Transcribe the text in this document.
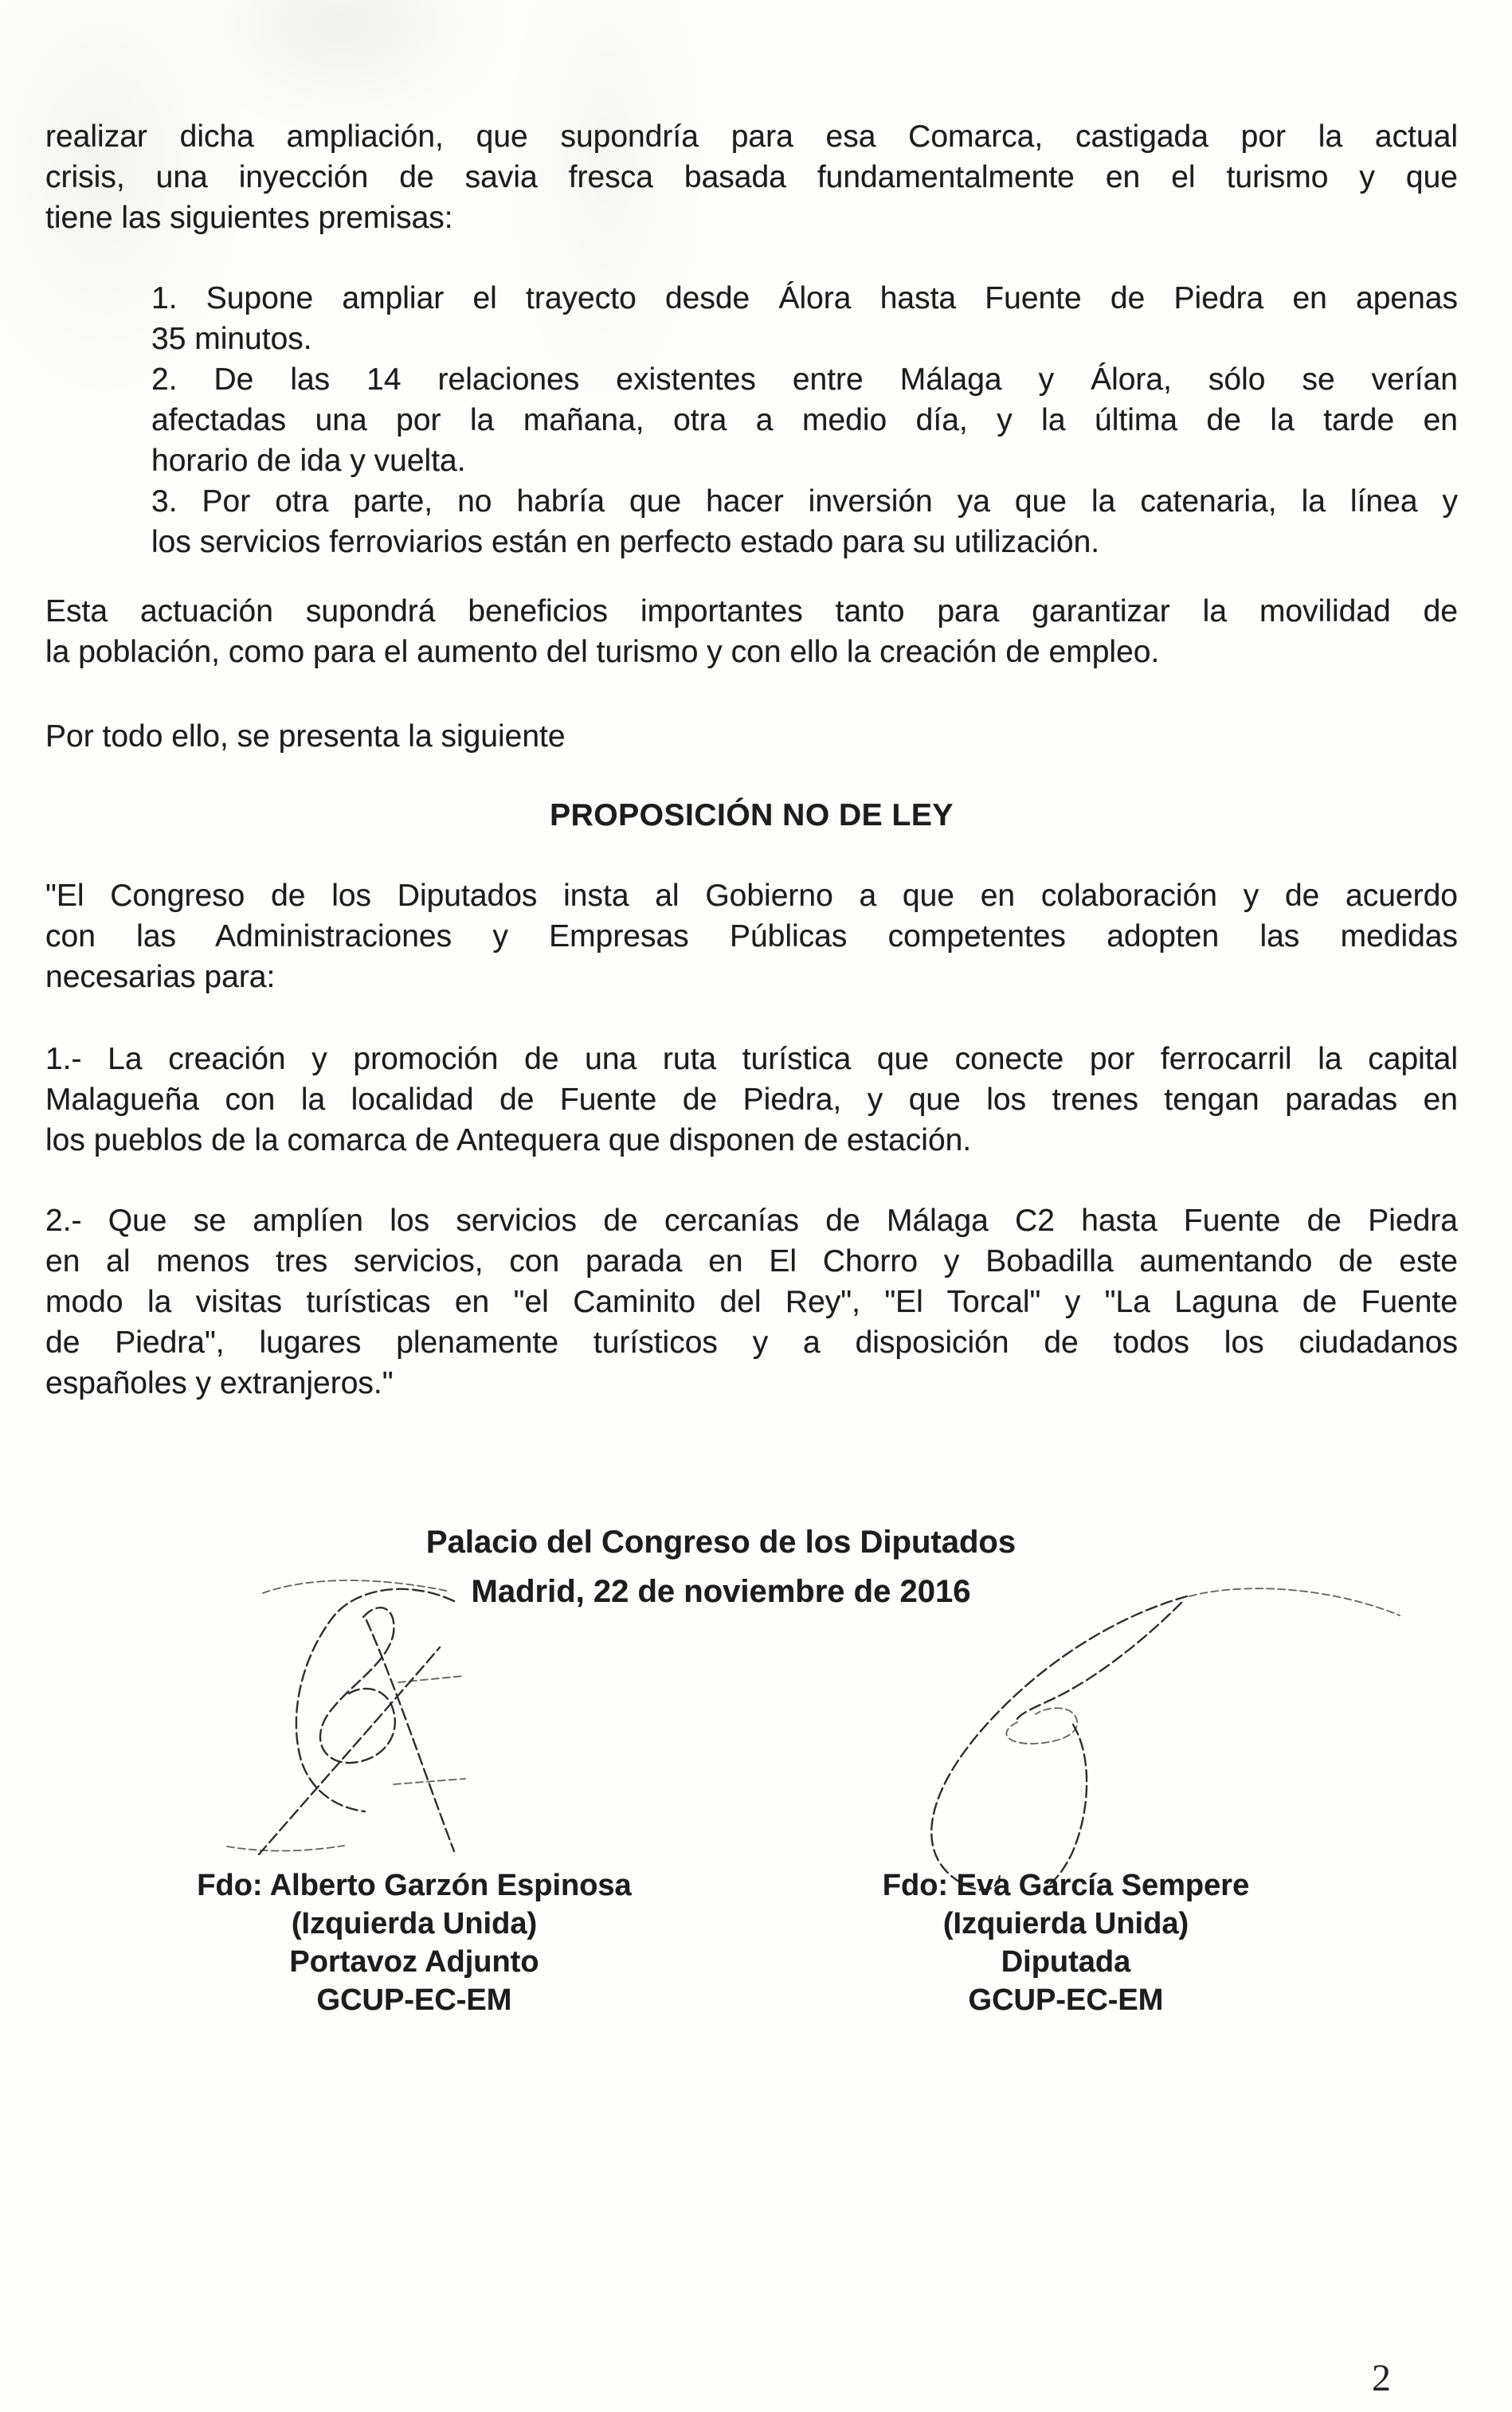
realizar dicha ampliación, que supondría para esa Comarca, castigada por la actual
crisis, una inyección de savia fresca basada fundamentalmente en el turismo y que
tiene las siguientes premisas:
1. Supone ampliar el trayecto desde Álora hasta Fuente de Piedra en apenas
35 minutos.
2. De las 14 relaciones existentes entre Málaga y Álora, sólo se verían
afectadas una por la mañana, otra a medio día, y la última de la tarde en
horario de ida y vuelta.
3. Por otra parte, no habría que hacer inversión ya que la catenaria, la línea y
los servicios ferroviarios están en perfecto estado para su utilización.
Esta actuación supondrá beneficios importantes tanto para garantizar la movilidad de
la población, como para el aumento del turismo y con ello la creación de empleo.
Por todo ello, se presenta la siguiente
PROPOSICIÓN NO DE LEY
"El Congreso de los Diputados insta al Gobierno a que en colaboración y de acuerdo
con las Administraciones y Empresas Públicas competentes adopten las medidas
necesarias para:
1.- La creación y promoción de una ruta turística que conecte por ferrocarril la capital
Malagueña con la localidad de Fuente de Piedra, y que los trenes tengan paradas en
los pueblos de la comarca de Antequera que disponen de estación.
2.- Que se amplíen los servicios de cercanías de Málaga C2 hasta Fuente de Piedra
en al menos tres servicios, con parada en El Chorro y Bobadilla aumentando de este
modo la visitas turísticas en "el Caminito del Rey", "El Torcal" y "La Laguna de Fuente
de Piedra", lugares plenamente turísticos y a disposición de todos los ciudadanos
españoles y extranjeros."
Palacio del Congreso de los Diputados
Madrid, 22 de noviembre de 2016
Fdo: Alberto Garzón Espinosa
(Izquierda Unida)
Portavoz Adjunto
GCUP-EC-EM
Fdo: Eva García Sempere
(Izquierda Unida)
Diputada
GCUP-EC-EM
2
